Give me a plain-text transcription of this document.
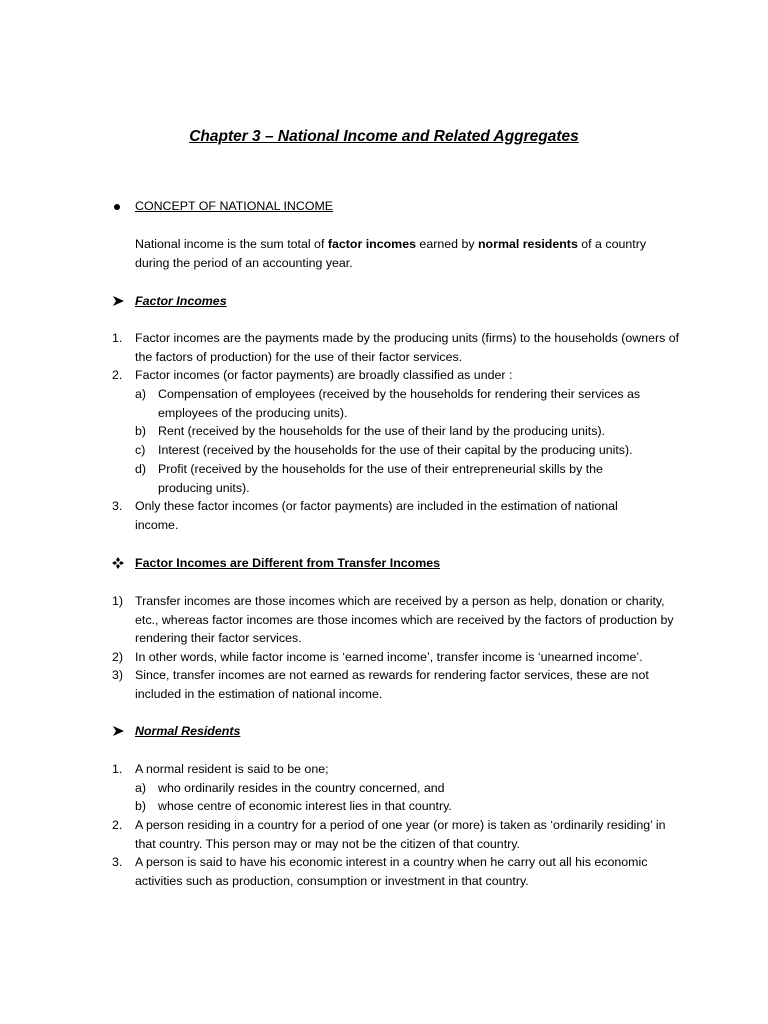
Chapter 3 – National Income and Related Aggregates
CONCEPT OF NATIONAL INCOME
National income is the sum total of factor incomes earned by normal residents of a country during the period of an accounting year.
Factor Incomes
1.	Factor incomes are the payments made by the producing units (firms) to the households (owners of the factors of production) for the use of their factor services.
2.	Factor incomes (or factor payments) are broadly classified as under :
a) Compensation of employees (received by the households for rendering their services as employees of the producing units).
b) Rent (received by the households for the use of their land by the producing units).
c)	Interest (received by the households for the use of their capital by the producing units).
d) Profit (received by the households for the use of their entrepreneurial skills by the producing units).
3.	Only these factor incomes (or factor payments) are included in the estimation of national income.
Factor Incomes are Different from Transfer Incomes
1) Transfer incomes are those incomes which are received by a person as help, donation or charity, etc., whereas factor incomes are those incomes which are received by the factors of production by rendering their factor services.
2) In other words, while factor income is ‘earned income’, transfer income is ‘unearned income’.
3) Since, transfer incomes are not earned as rewards for rendering factor services, these are not included in the estimation of national income.
Normal Residents
1.	A normal resident is said to be one;
a) who ordinarily resides in the country concerned, and
b) whose centre of economic interest lies in that country.
2.	A person residing in a country for a period of one year (or more) is taken as ‘ordinarily residing’ in that country. This person may or may not be the citizen of that country.
3.	A person is said to have his economic interest in a country when he carry out all his economic activities such as production, consumption or investment in that country.
